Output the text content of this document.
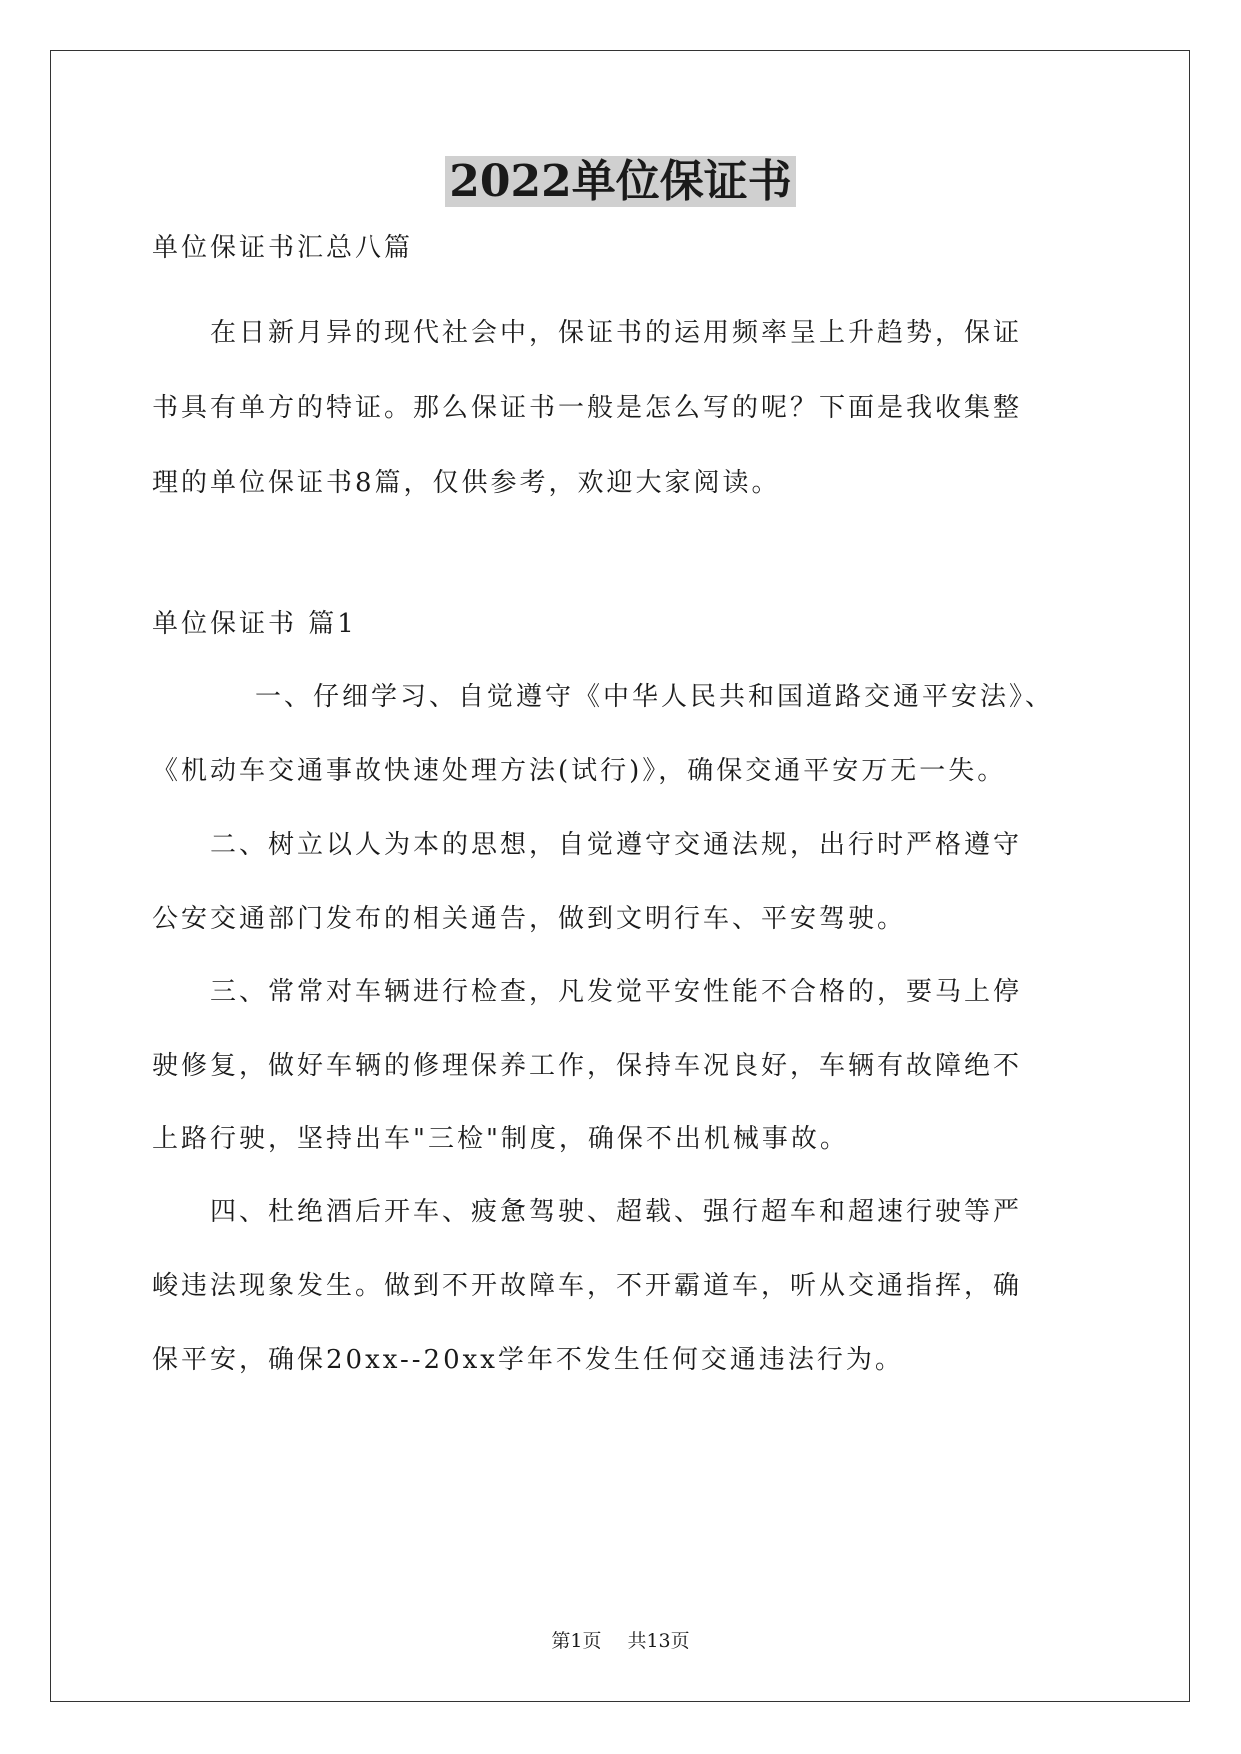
2022单位保证书

单位保证书汇总八篇

在日新月异的现代社会中，保证书的运用频率呈上升趋势，保证

书具有单方的特证。那么保证书一般是怎么写的呢？下面是我收集整

理的单位保证书8篇，仅供参考，欢迎大家阅读。

单位保证书 篇1

一、仔细学习、自觉遵守《中华人民共和国道路交通平安法》、

《机动车交通事故快速处理方法(试行)》，确保交通平安万无一失。

二、树立以人为本的思想，自觉遵守交通法规，出行时严格遵守

公安交通部门发布的相关通告，做到文明行车、平安驾驶。

三、常常对车辆进行检查，凡发觉平安性能不合格的，要马上停

驶修复，做好车辆的修理保养工作，保持车况良好，车辆有故障绝不

上路行驶，坚持出车"三检"制度，确保不出机械事故。

四、杜绝酒后开车、疲惫驾驶、超载、强行超车和超速行驶等严

峻违法现象发生。做到不开故障车，不开霸道车，听从交通指挥，确

保平安，确保20xx--20xx学年不发生任何交通违法行为。

第1页 共13页
